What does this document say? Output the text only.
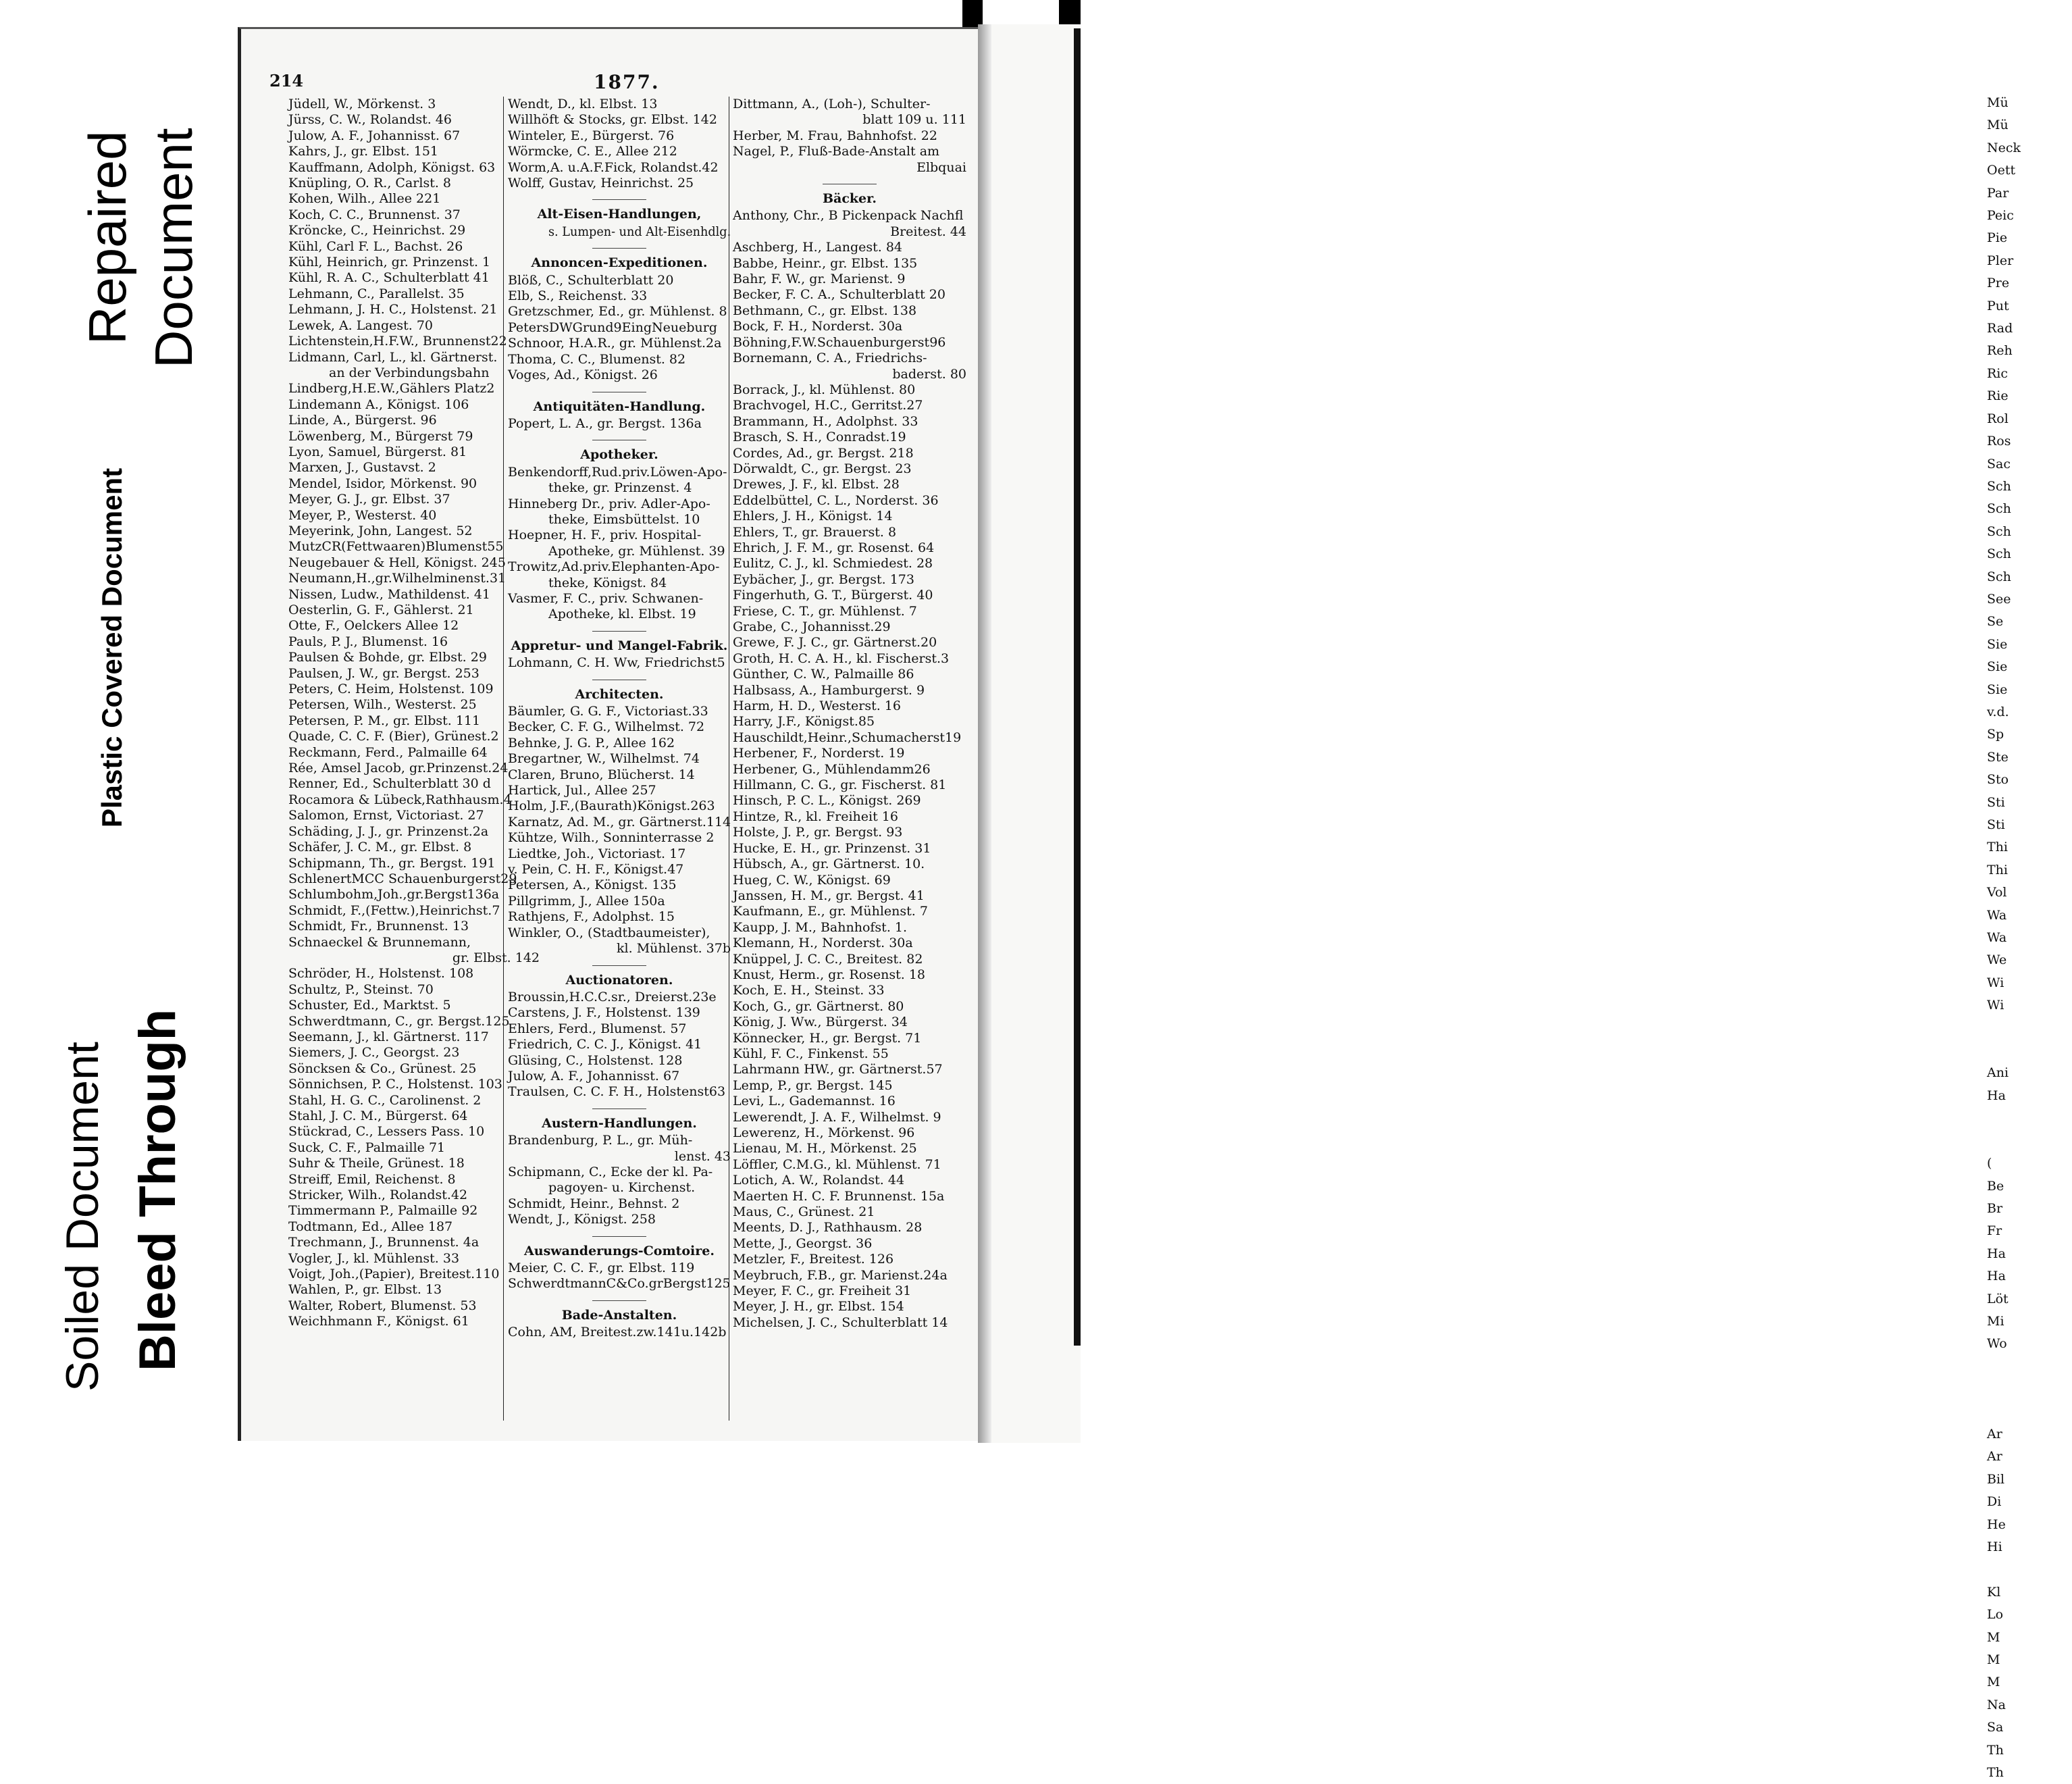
Soiled Document Bleed Through
Plastic Covered Document
Repaired Document
214	1877.
Jüdell, W., Mörkenst. 3
Jürss, C. W., Rolandst. 46
Julow, A. F., Johannisst. 67
Kahrs, J., gr. Elbst. 151
Kauffmann, Adolph, Königst. 63
Knüpling, O. R., Carlst. 8
Kohen, Wilh., Allee 221
Koch, C. C., Brunnenst. 37
Kröncke, C., Heinrichst. 29
Kühl, Carl F. L., Bachst. 26
Kühl, Heinrich, gr. Prinzenst. 1
Kühl, R. A. C., Schulterblatt 41
Lehmann, C., Parallelst. 35
Lehmann, J. H. C., Holstenst. 21
Lewek, A. Langest. 70
Lichtenstein,H.F.W., Brunnenst22
Lidmann, Carl, L., kl. Gärtnerst.
an der Verbindungsbahn
Lindberg,H.E.W.,Gählers Platz2
Lindemann A., Königst. 106
Linde, A., Bürgerst. 96
Löwenberg, M., Bürgerst 79
Lyon, Samuel, Bürgerst. 81
Marxen, J., Gustavst. 2
Mendel, Isidor, Mörkenst. 90
Meyer, G. J., gr. Elbst. 37
Meyer, P., Westerst. 40
Meyerink, John, Langest. 52
MutzCR(Fettwaaren)Blumenst55
Neugebauer & Hell, Königst. 245
Neumann,H.,gr.Wilhelminenst.31
Nissen, Ludw., Mathildenst. 41
Oesterlin, G. F., Gählerst. 21
Otte, F., Oelckers Allee 12
Pauls, P. J., Blumenst. 16
Paulsen & Bohde, gr. Elbst. 29
Paulsen, J. W., gr. Bergst. 253
Peters, C. Heim, Holstenst. 109
Petersen, Wilh., Westerst. 25
Petersen, P. M., gr. Elbst. 111
Quade, C. C. F. (Bier), Grünest.2
Reckmann, Ferd., Palmaille 64
Rée, Amsel Jacob, gr.Prinzenst.24
Renner, Ed., Schulterblatt 30 d
Rocamora & Lübeck,Rathhausm.4
Salomon, Ernst, Victoriast. 27
Schäding, J. J., gr. Prinzenst.2a
Schäfer, J. C. M., gr. Elbst. 8
Schipmann, Th., gr. Bergst. 191
SchlenertMCC Schauenburgerst29
Schlumbohm,Joh.,gr.Bergst136a
Schmidt, F.,(Fettw.),Heinrichst.7
Schmidt, Fr., Brunnenst. 13
Schnaeckel & Brunnemann,
gr. Elbst. 142
Schröder, H., Holstenst. 108
Schultz, P., Steinst. 70
Schuster, Ed., Marktst. 5
Schwerdtmann, C., gr. Bergst.125
Seemann, J., kl. Gärtnerst. 117
Siemers, J. C., Georgst. 23
Söncksen & Co., Grünest. 25
Sönnichsen, P. C., Holstenst. 103
Stahl, H. G. C., Carolinenst. 2
Stahl, J. C. M., Bürgerst. 64
Stückrad, C., Lessers Pass. 10
Suck, C. F., Palmaille 71
Suhr & Theile, Grünest. 18
Streiff, Emil, Reichenst. 8
Stricker, Wilh., Rolandst.42
Timmermann P., Palmaille 92
Todtmann, Ed., Allee 187
Trechmann, J., Brunnenst. 4a
Vogler, J., kl. Mühlenst. 33
Voigt, Joh.,(Papier), Breitest.110
Wahlen, P., gr. Elbst. 13
Walter, Robert, Blumenst. 53
Weichhmann F., Königst. 61
Wendt, D., kl. Elbst. 13
Willhöft & Stocks, gr. Elbst. 142
Winteler, E., Bürgerst. 76
Wörmcke, C. E., Allee 212
Worm,A. u.A.F.Fick, Rolandst.42
Wolff, Gustav, Heinrichst. 25
Alt-Eisen-Handlungen,
s. Lumpen- und Alt-Eisenhdlg.
Annoncen-Expeditionen.
Blöß, C., Schulterblatt 20
Elb, S., Reichenst. 33
Gretzschmer, Ed., gr. Mühlenst. 8
PetersDWGrund9EingNeueburg
Schnoor, H.A.R., gr. Mühlenst.2a
Thoma, C. C., Blumenst. 82
Voges, Ad., Königst. 26
Antiquitäten-Handlung.
Popert, L. A., gr. Bergst. 136a
Apotheker.
Benkendorff,Rud.priv.Löwen-Apo-
theke, gr. Prinzenst. 4
Hinneberg Dr., priv. Adler-Apo-
theke, Eimsbüttelst. 10
Hoepner, H. F., priv. Hospital-
Apotheke, gr. Mühlenst. 39
Trowitz,Ad.priv.Elephanten-Apo-
theke, Königst. 84
Vasmer, F. C., priv. Schwanen-
Apotheke, kl. Elbst. 19
Appretur- und Mangel-Fabrik.
Lohmann, C. H. Ww, Friedrichst5
Architecten.
Bäumler, G. G. F., Victoriast.33
Becker, C. F. G., Wilhelmst. 72
Behnke, J. G. P., Allee 162
Bregartner, W., Wilhelmst. 74
Claren, Bruno, Blücherst. 14
Hartick, Jul., Allee 257
Holm, J.F.,(Baurath)Königst.263
Karnatz, Ad. M., gr. Gärtnerst.114
Kühtze, Wilh., Sonninterrasse 2
Liedtke, Joh., Victoriast. 17
v. Pein, C. H. F., Königst.47
Petersen, A., Königst. 135
Pillgrimm, J., Allee 150a
Rathjens, F., Adolphst. 15
Winkler, O., (Stadtbaumeister),
kl. Mühlenst. 37b
Auctionatoren.
Broussin,H.C.C.sr., Dreierst.23e
Carstens, J. F., Holstenst. 139
Ehlers, Ferd., Blumenst. 57
Friedrich, C. C. J., Königst. 41
Glüsing, C., Holstenst. 128
Julow, A. F., Johannisst. 67
Traulsen, C. C. F. H., Holstenst63
Austern-Handlungen.
Brandenburg, P. L., gr. Müh-
lenst. 43
Schipmann, C., Ecke der kl. Pa-
pagoyen- u. Kirchenst.
Schmidt, Heinr., Behnst. 2
Wendt, J., Königst. 258
Auswanderungs-Comtoire.
Meier, C. C. F., gr. Elbst. 119
SchwerdtmannC&Co.grBergst125
Bade-Anstalten.
Cohn, AM, Breitest.zw.141u.142b
Dittmann, A., (Loh-), Schulter-
blatt 109 u. 111
Herber, M. Frau, Bahnhofst. 22
Nagel, P., Fluß-Bade-Anstalt am
Elbquai
Bäcker.
Anthony, Chr., B Pickenpack Nachfl
Breitest. 44
Aschberg, H., Langest. 84
Babbe, Heinr., gr. Elbst. 135
Bahr, F. W., gr. Marienst. 9
Becker, F. C. A., Schulterblatt 20
Bethmann, C., gr. Elbst. 138
Bock, F. H., Norderst. 30a
Böhning,F.W.Schauenburgerst96
Bornemann, C. A., Friedrichs-
baderst. 80
Borrack, J., kl. Mühlenst. 80
Brachvogel, H.C., Gerritst.27
Brammann, H., Adolphst. 33
Brasch, S. H., Conradst.19
Cordes, Ad., gr. Bergst. 218
Dörwaldt, C., gr. Bergst. 23
Drewes, J. F., kl. Elbst. 28
Eddelbüttel, C. L., Norderst. 36
Ehlers, J. H., Königst. 14
Ehlers, T., gr. Brauerst. 8
Ehrich, J. F. M., gr. Rosenst. 64
Eulitz, C. J., kl. Schmiedest. 28
Eybächer, J., gr. Bergst. 173
Fingerhuth, G. T., Bürgerst. 40
Friese, C. T., gr. Mühlenst. 7
Grabe, C., Johannisst.29
Grewe, F. J. C., gr. Gärtnerst.20
Groth, H. C. A. H., kl. Fischerst.3
Günther, C. W., Palmaille 86
Halbsass, A., Hamburgerst. 9
Harm, H. D., Westerst. 16
Harry, J.F., Königst.85
Hauschildt,Heinr.,Schumacherst19
Herbener, F., Norderst. 19
Herbener, G., Mühlendamm26
Hillmann, C. G., gr. Fischerst. 81
Hinsch, P. C. L., Königst. 269
Hintze, R., kl. Freiheit 16
Holste, J. P., gr. Bergst. 93
Hucke, E. H., gr. Prinzenst. 31
Hübsch, A., gr. Gärtnerst. 10.
Hueg, C. W., Königst. 69
Janssen, H. M., gr. Bergst. 41
Kaufmann, E., gr. Mühlenst. 7
Kaupp, J. M., Bahnhofst. 1.
Klemann, H., Norderst. 30a
Knüppel, J. C. C., Breitest. 82
Knust, Herm., gr. Rosenst. 18
Koch, E. H., Steinst. 33
Koch, G., gr. Gärtnerst. 80
König, J. Ww., Bürgerst. 34
Könnecker, H., gr. Bergst. 71
Kühl, F. C., Finkenst. 55
Lahrmann HW., gr. Gärtnerst.57
Lemp, P., gr. Bergst. 145
Levi, L., Gademannst. 16
Lewerendt, J. A. F., Wilhelmst. 9
Lewerenz, H., Mörkenst. 96
Lienau, M. H., Mörkenst. 25
Löffler, C.M.G., kl. Mühlenst. 71
Lotich, A. W., Rolandst. 44
Maerten H. C. F. Brunnenst. 15a
Maus, C., Grünest. 21
Meents, D. J., Rathhausm. 28
Mette, J., Georgst. 36
Metzler, F., Breitest. 126
Meybruch, F.B., gr. Marienst.24a
Meyer, F. C., gr. Freiheit 31
Meyer, J. H., gr. Elbst. 154
Michelsen, J. C., Schulterblatt 14
Mü
Mü
Neck
Oett
Par
Peic
Pie
Pler
Pre
Put
Rad
Reh
Ric
Rie
Rol
Ros
Sac
Sch
Sch
Sch
Sch
Sch
See
Se
Sie
Sie
Sie
v.d.
Sp
Ste
Sto
Sti
Sti
Thi
Thi
Vol
Wa
Wa
We
Wi
Wi

Ani
Ha

(
Be
Br
Fr
Ha
Ha
Löt
Mi
Wo

Ar
Ar
Bil
Di
He
Hi

Kl
Lo
M
M
M
Na
Sa
Th
Th
